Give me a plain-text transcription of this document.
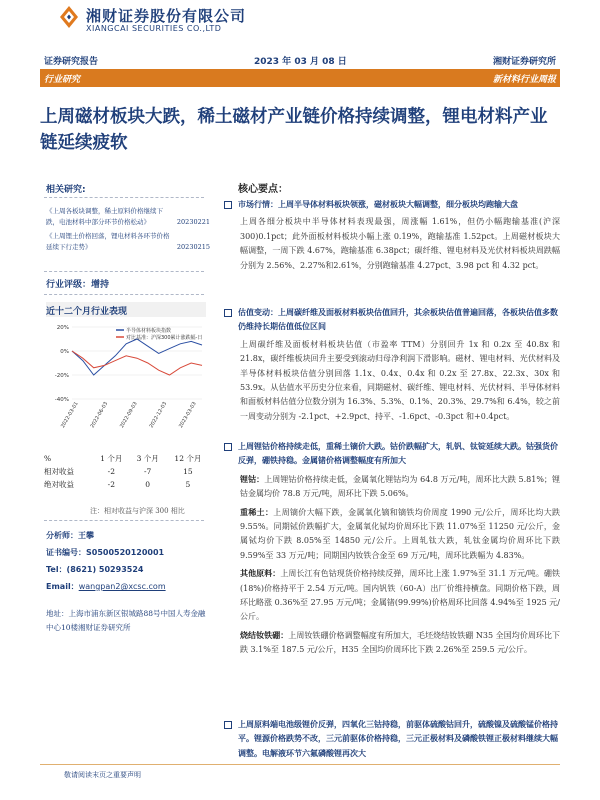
湘财证券股份有限公司
XIANGCAI SECURITIES CO.,LTD
证券研究报告	2023 年 03 月 08 日	湘财证券研究所
行业研究	新材料行业周报
上周磁材板块大跌，稀土磁材产业链价格持续调整，锂电材料产业链延续疲软
相关研究:
《上周各板块调整，稀土原料价格继续下跌，电池材料中部分环节价格松动》	20230221
《上周锂土价格回落，锂电材料各环节价格延续下行走势》	20230215
行业评级：增持
近十二个月行业表现
20%
0%
-20%
-40%
2022-03-01 2022-06-03 2022-09-03 2022-12-03 2023-03-03
半导体材料板块指数
对比基准：沪深300累计涨跌幅-日
%	1 个月	3 个月	12 个月
相对收益	-2	-7	15
绝对收益	-2	0	5
注：相对收益与沪深 300 相比
分析师：王攀
证书编号：S0500520120001
Tel：(8621) 50293524
Email：wangpan2@xcsc.com
地址：上海市浦东新区银城路88号中国人寿金融中心10楼湘财证券研究所
核心要点：
市场行情：上周半导体材料板块领涨，磁材板块大幅调整，细分板块均跑输大盘
上周各细分板块中半导体材料表现最强，周涨幅 1.61%，但仍小幅跑输基准(沪深 300)0.1pct；此外面板材料板块小幅上涨 0.19%，跑输基准 1.52pct。上周磁材板块大幅调整，一周下跌 4.67%，跑输基准 6.38pct；碳纤维、锂电材料及光伏材料板块周跌幅分别为 2.56%、2.27%和2.61%，分别跑输基准 4.27pct、3.98 pct 和 4.32 pct。
估值变动：上周碳纤维及面板材料板块估值回升，其余板块估值普遍回落，各板块估值多数仍维持长期估值低位区间
上周碳纤维及面板材料板块估值（市盈率 TTM）分别回升 1x 和 0.2x 至 40.8x 和 21.8x，碳纤维板块回升主要受到滚动归母净利润下滑影响。磁材、锂电材料、光伏材料及半导体材料板块估值分别回落 1.1x、0.4x、0.4x 和 0.2x 至 27.8x、22.3x、30x 和 53.9x。从估值水平历史分位来看，同期磁材、碳纤维、锂电材料、光伏材料、半导体材料和面板材料估值分位数分别为 16.3%、5.3%、0.1%、20.3%、29.7%和 6.4%，较之前一周变动分别为 -2.1pct、+2.9pct、持平、-1.6pct、-0.3pct 和+0.4pct。
上周锂钴价格持续走低，重稀土镝价大跌。钴价跌幅扩大，轧钒、钛锭延续大跌。钴强货价反弹，硼铁持稳。金属锗价格调整幅度有所加大
锂钴：上周锂钴价格持续走低，金属氧化锂钴均为 64.8 万元/吨，周环比大跌 5.81%；锂钴金属均价 78.8 万元/吨，周环比下跌 5.06%。
重稀土：上周镝价大幅下跌，金属氧化镝和镝铁均价周度 1990 元/公斤，周环比均大跌 9.55%。同期铽价跌幅扩大，金属氧化铽均价周环比下跌 11.07%至 11250 元/公斤，金属铽均价下跌 8.05%至 14850 元/公斤。上周轧钛大跌，轧钛金属均价周环比下跌 9.59%至 33 万元/吨；同期国内钕铁合金至 69 万元/吨，周环比跌幅为 4.83%。
其他原料：上周长江有色钴现货价格持续反弹，周环比上涨 1.97%至 31.1 万元/吨。硼铁(18%)价格持平于 2.54 万元/吨。国内钒铁（60-A）出厂价维持横盘。同期价格下跌，周环比略涨 0.36%至 27.95 万元/吨；金属锗(99.99%)价格周环比回落 4.94%至 1925 元/公斤。
烧结钕铁硼：上周钕铁硼价格调整幅度有所加大，毛坯烧结钕铁硼 N35 全国均价周环比下跌 3.1%至 187.5 元/公斤，H35 全国均价周环比下跌 2.26%至 259.5 元/公斤。
上周原料端电池级锂价反弹，四氧化三钴持稳，前驱体硫酸钴回升，硫酸镍及硫酸锰价格持平。锂源价格跌势不改，三元前驱体价格持稳，三元正极材料及磷酸铁锂正极材料继续大幅调整。电解液环节六氟磷酸锂再次大
敬请阅读末页之重要声明
